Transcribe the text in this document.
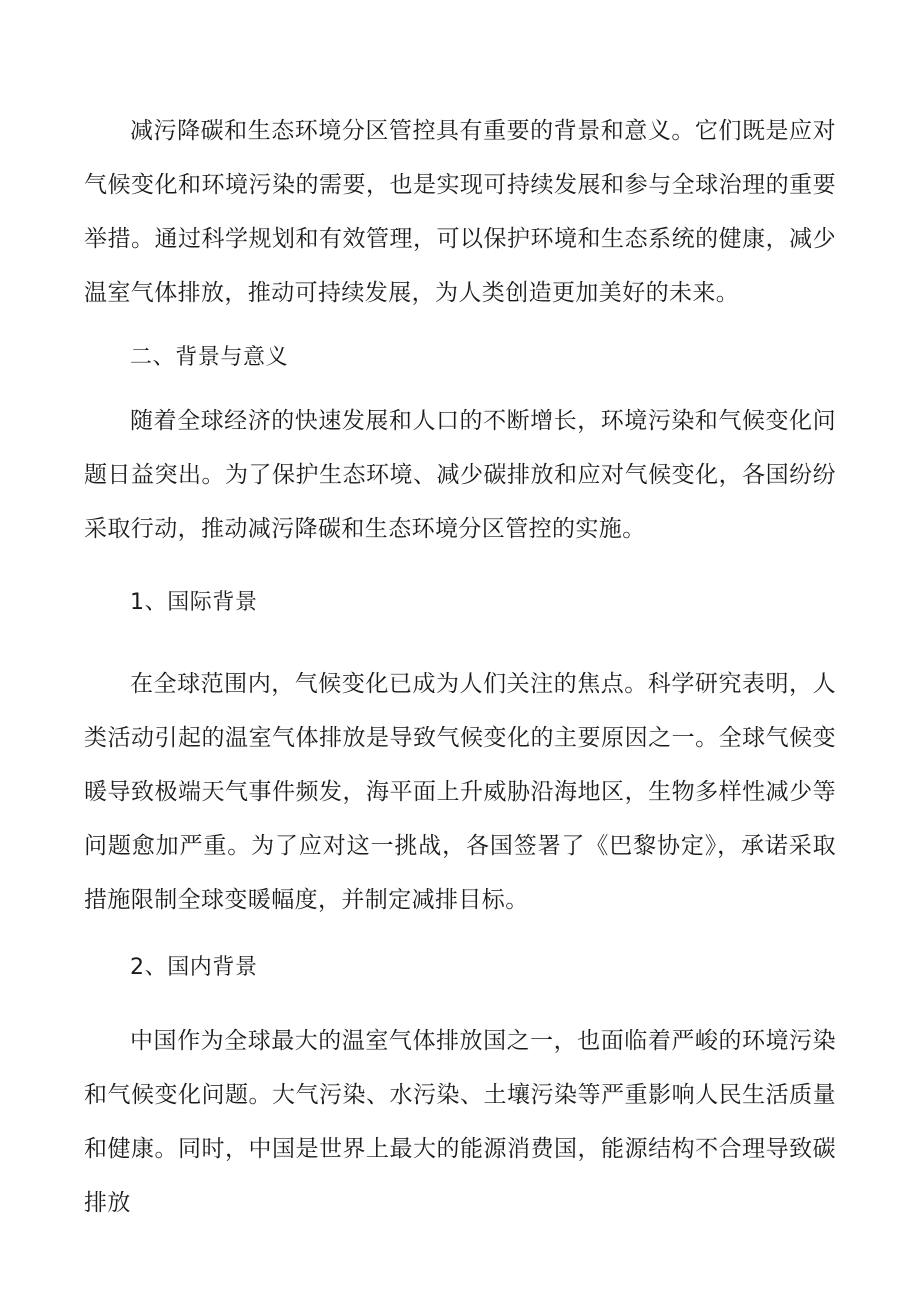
减污降碳和生态环境分区管控具有重要的背景和意义。它们既是应对气候变化和环境污染的需要，也是实现可持续发展和参与全球治理的重要举措。通过科学规划和有效管理，可以保护环境和生态系统的健康，减少温室气体排放，推动可持续发展，为人类创造更加美好的未来。

二、背景与意义

随着全球经济的快速发展和人口的不断增长，环境污染和气候变化问题日益突出。为了保护生态环境、减少碳排放和应对气候变化，各国纷纷采取行动，推动减污降碳和生态环境分区管控的实施。

1、国际背景

在全球范围内，气候变化已成为人们关注的焦点。科学研究表明，人类活动引起的温室气体排放是导致气候变化的主要原因之一。全球气候变暖导致极端天气事件频发，海平面上升威胁沿海地区，生物多样性减少等问题愈加严重。为了应对这一挑战，各国签署了《巴黎协定》，承诺采取措施限制全球变暖幅度，并制定减排目标。

2、国内背景

中国作为全球最大的温室气体排放国之一，也面临着严峻的环境污染和气候变化问题。大气污染、水污染、土壤污染等严重影响人民生活质量和健康。同时，中国是世界上最大的能源消费国，能源结构不合理导致碳排放
